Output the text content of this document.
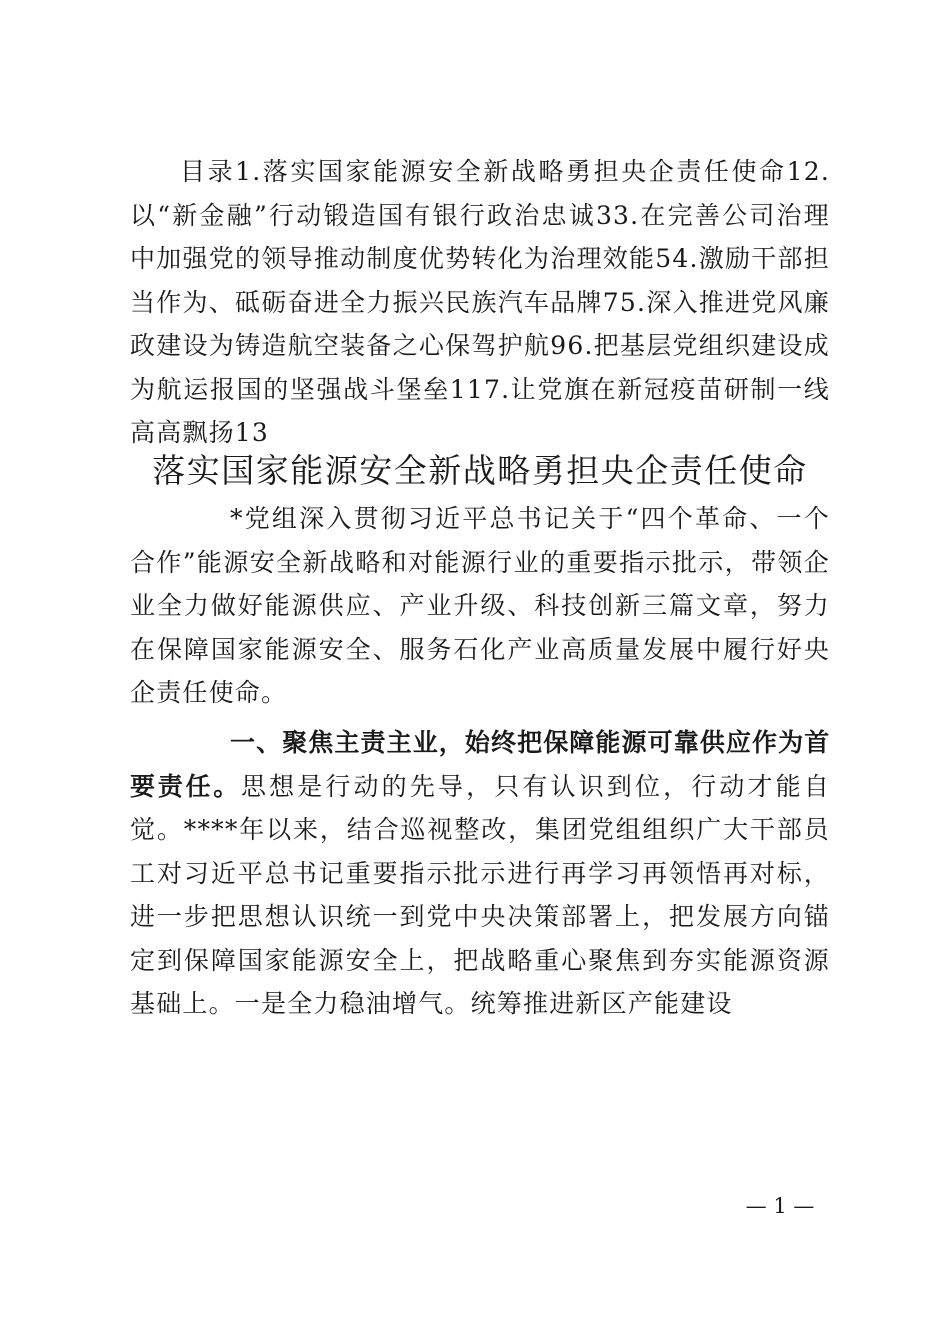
目录1.落实国家能源安全新战略勇担央企责任使命12.以“新金融”行动锻造国有银行政治忠诚33.在完善公司治理中加强党的领导推动制度优势转化为治理效能54.激励干部担当作为、砥砺奋进全力振兴民族汽车品牌75.深入推进党风廉政建设为铸造航空装备之心保驾护航96.把基层党组织建设成为航运报国的坚强战斗堡垒117.让党旗在新冠疫苗研制一线高高飘扬13

落实国家能源安全新战略勇担央企责任使命

*党组深入贯彻习近平总书记关于“四个革命、一个合作”能源安全新战略和对能源行业的重要指示批示，带领企业全力做好能源供应、产业升级、科技创新三篇文章，努力在保障国家能源安全、服务石化产业高质量发展中履行好央企责任使命。

一、聚焦主责主业，始终把保障能源可靠供应作为首要责任。思想是行动的先导，只有认识到位，行动才能自觉。****年以来，结合巡视整改，集团党组组织广大干部员工对习近平总书记重要指示批示进行再学习再领悟再对标，进一步把思想认识统一到党中央决策部署上，把发展方向锚定到保障国家能源安全上，把战略重心聚焦到夯实能源资源基础上。一是全力稳油增气。统筹推进新区产能建设

— 1 —
